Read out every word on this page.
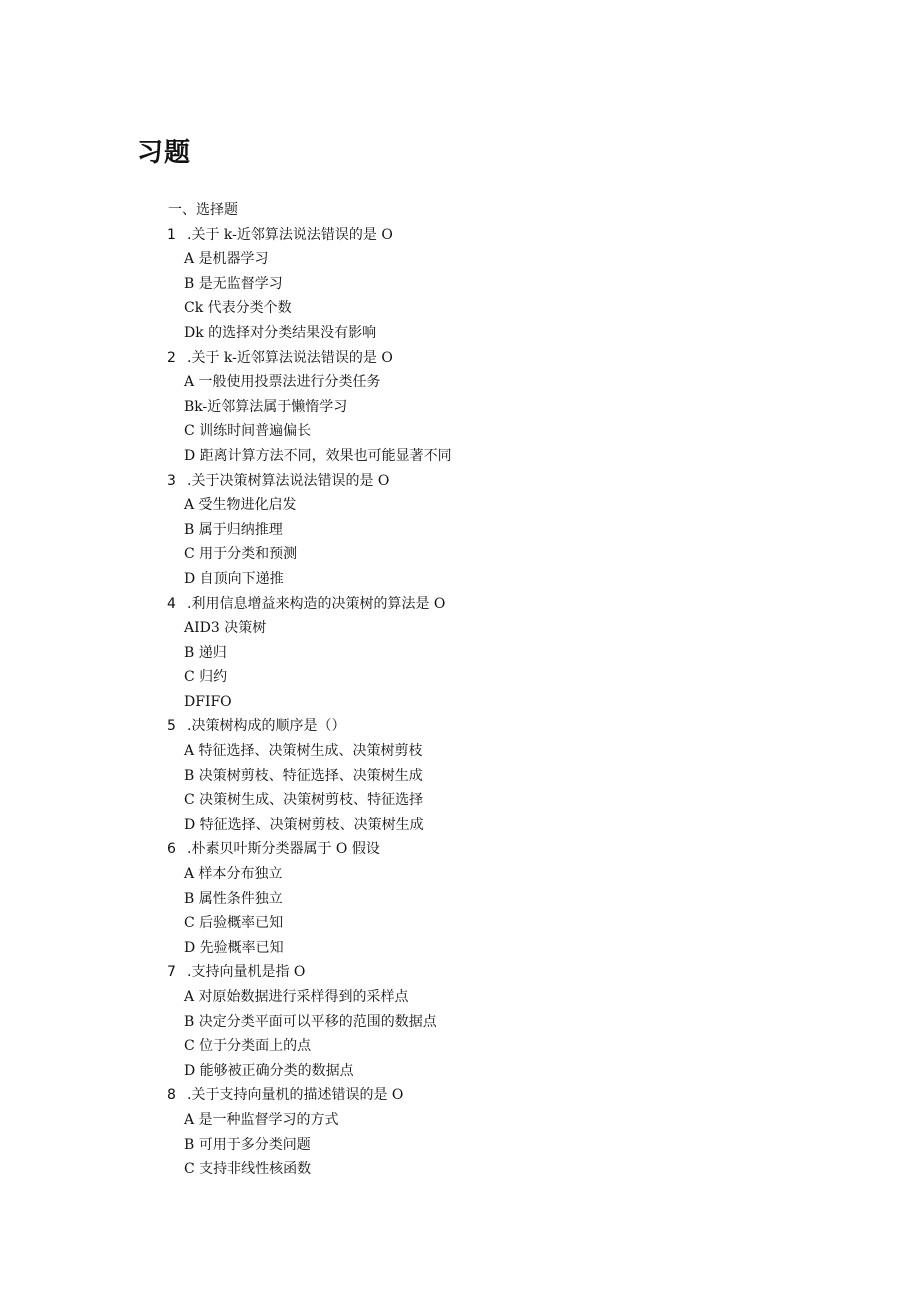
习题
一、选择题
1 .关于 k-近邻算法说法错误的是 O
A 是机器学习
B 是无监督学习
Ck 代表分类个数
Dk 的选择对分类结果没有影响
2 .关于 k-近邻算法说法错误的是 O
A 一般使用投票法进行分类任务
Bk-近邻算法属于懒惰学习
C 训练时间普遍偏长
D 距离计算方法不同，效果也可能显著不同
3 .关于决策树算法说法错误的是 O
A 受生物进化启发
B 属于归纳推理
C 用于分类和预测
D 自顶向下递推
4 .利用信息增益来构造的决策树的算法是 O
AID3 决策树
B 递归
C 归约
DFIFO
5 .决策树构成的顺序是（）
A 特征选择、决策树生成、决策树剪枝
B 决策树剪枝、特征选择、决策树生成
C 决策树生成、决策树剪枝、特征选择
D 特征选择、决策树剪枝、决策树生成
6 .朴素贝叶斯分类器属于 O 假设
A 样本分布独立
B 属性条件独立
C 后验概率已知
D 先验概率已知
7 .支持向量机是指 O
A 对原始数据进行采样得到的采样点
B 决定分类平面可以平移的范围的数据点
C 位于分类面上的点
D 能够被正确分类的数据点
8 .关于支持向量机的描述错误的是 O
A 是一种监督学习的方式
B 可用于多分类问题
C 支持非线性核函数
